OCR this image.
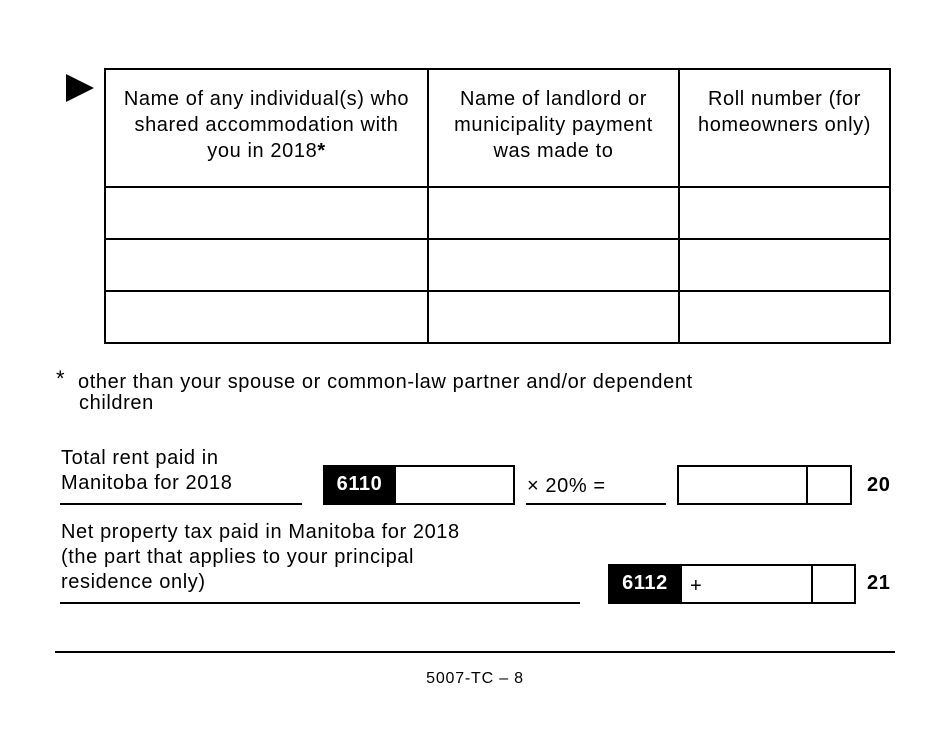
Name of any individual(s) who shared accommodation with you in 2018*	Name of landlord or municipality payment was made to	Roll number (for homeowners only)

* other than your spouse or common-law partner and/or dependent
children
Total rent paid in
Manitoba for 2018	6110	× 20% =	20
Net property tax paid in Manitoba for 2018
(the part that applies to your principal
residence only)	6112	+	21
5007-TC – 8
